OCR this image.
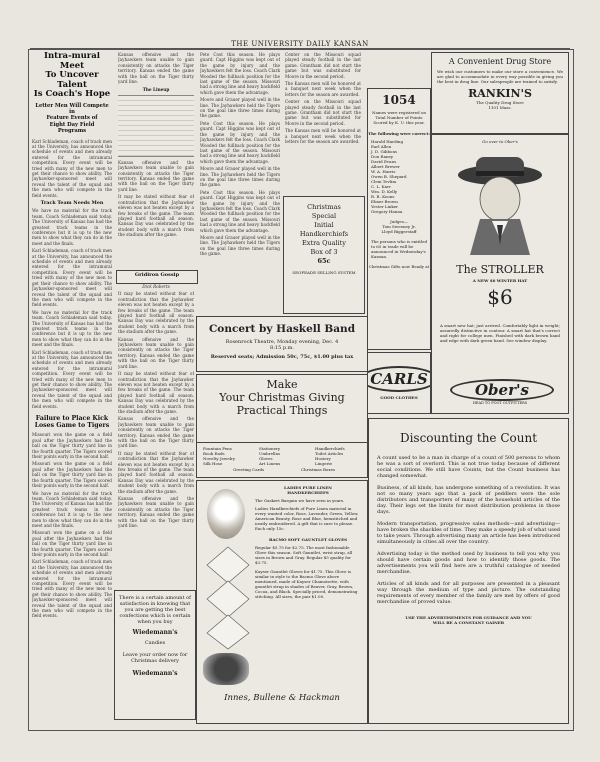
THE UNIVERSITY DAILY KANSAN
Intra-mural Meet
To Uncover Talent
Is Coach's Hope
Letter Men Will Compete in
Feature Events of
Eight Day Field
Programs
Karl Schlademan, coach of track men at the University, has announced the schedule of events and men already entered for the intramural competition. Every event will be tried with many of the new men to get their chance to show ability. The Jayhawker-sponsored meet will reveal the talent of the squad and the men who will compete in the field events.
Track Team Needs Men
We have no material for the track team. Coach Schlademan said today. The University of Kansas has had the greatest track teams in the conference but it is up to the new men to show what they can do in the meet and the finals.
Karl Schlademan, coach of track men at the University, has announced the schedule of events and men already entered for the intramural competition. Every event will be tried with many of the new men to get their chance to show ability. The Jayhawker-sponsored meet will reveal the talent of the squad and the men who will compete in the field events.
We have no material for the track team. Coach Schlademan said today. The University of Kansas has had the greatest track teams in the conference but it is up to the new men to show what they can do in the meet and the finals.
Karl Schlademan, coach of track men at the University, has announced the schedule of events and men already entered for the intramural competition. Every event will be tried with many of the new men to get their chance to show ability. The Jayhawker-sponsored meet will reveal the talent of the squad and the men who will compete in the field events.
Failure to Place Kick
Loses Game to Tigers
Missouri won the game on a field goal after the Jayhawkers had the ball on the Tiger thirty yard line in the fourth quarter. The Tigers scored their points early in the second half.
Missouri won the game on a field goal after the Jayhawkers had the ball on the Tiger thirty yard line in the fourth quarter. The Tigers scored their points early in the second half.
We have no material for the track team. Coach Schlademan said today. The University of Kansas has had the greatest track teams in the conference but it is up to the new men to show what they can do in the meet and the finals.
Missouri won the game on a field goal after the Jayhawkers had the ball on the Tiger thirty yard line in the fourth quarter. The Tigers scored their points early in the second half.
Karl Schlademan, coach of track men at the University, has announced the schedule of events and men already entered for the intramural competition. Every event will be tried with many of the new men to get their chance to show ability. The Jayhawker-sponsored meet will reveal the talent of the squad and the men who will compete in the field events.
Kansas offensive and the Jayhawkers team unable to gain consistently on attacks the Tiger territory. Kansas ended the game with the ball on the Tiger thirty yard line.
The Lineup
Kansas offensive and the Jayhawkers team unable to gain consistently on attacks the Tiger territory. Kansas ended the game with the ball on the Tiger thirty yard line.
It may be stated without fear of contradiction that the Jayhawker eleven was not beaten except by a few breaks of the game. The team played hard football all season. Kansas Day was celebrated by the student body with a march from the stadium after the game.
Gridiron Gossip
Dick Roberts
It may be stated without fear of contradiction that the Jayhawker eleven was not beaten except by a few breaks of the game. The team played hard football all season. Kansas Day was celebrated by the student body with a march from the stadium after the game.
Kansas offensive and the Jayhawkers team unable to gain consistently on attacks the Tiger territory. Kansas ended the game with the ball on the Tiger thirty yard line.
It may be stated without fear of contradiction that the Jayhawker eleven was not beaten except by a few breaks of the game. The team played hard football all season. Kansas Day was celebrated by the student body with a march from the stadium after the game.
Kansas offensive and the Jayhawkers team unable to gain consistently on attacks the Tiger territory. Kansas ended the game with the ball on the Tiger thirty yard line.
It may be stated without fear of contradiction that the Jayhawker eleven was not beaten except by a few breaks of the game. The team played hard football all season. Kansas Day was celebrated by the student body with a march from the stadium after the game.
Kansas offensive and the Jayhawkers team unable to gain consistently on attacks the Tiger territory. Kansas ended the game with the ball on the Tiger thirty yard line.
There is a certain amount of satisfaction in knowing that you are getting the best confections which is certain when you buy
Wiedemann's
Candies
Leave your order now for Christmas delivery
Wiedemann's
Pete Cost this season. He plays guard. Capt Higgins was kept out of the game by injury and the Jayhawkers felt the loss. Coach Clark Wooded the fullback position for the last game of the season. Missouri had a strong line and heavy backfield which gave them the advantage.
Moore and Grauer played well in the line. The Jayhawkers held the Tigers on the goal line three times during the game.
Pete Cost this season. He plays guard. Capt Higgins was kept out of the game by injury and the Jayhawkers felt the loss. Coach Clark Wooded the fullback position for the last game of the season. Missouri had a strong line and heavy backfield which gave them the advantage.
Moore and Grauer played well in the line. The Jayhawkers held the Tigers on the goal line three times during the game.
Pete Cost this season. He plays guard. Capt Higgins was kept out of the game by injury and the Jayhawkers felt the loss. Coach Clark Wooded the fullback position for the last game of the season. Missouri had a strong line and heavy backfield which gave them the advantage.
Moore and Grauer played well in the line. The Jayhawkers held the Tigers on the goal line three times during the game.
Center on the Missouri squad played steady football in the last game. Grantham did not start the game but was substituted for Moore in the second period.
The Kansas men will be honored at a banquet next week when the letters for the season are awarded.
Center on the Missouri squad played steady football in the last game. Grantham did not start the game but was substituted for Moore in the second period.
The Kansas men will be honored at a banquet next week when the letters for the season are awarded.
Christmas
Special
Initial
Handkerchiefs
Extra Quality
Box of 3
65c
SEOFEADE SELLING SYSTEM
Concert by Haskell Band
Rosenrock Theatre, Monday evening, Dec. 4
8:15 p.m.
Reserved seats; Admission 50c, 75c, $1.00 plus tax
Make
Your Christmas Giving
Practical Things
Fountain Pens
Book Ends
Novelty Jewelry
Silk Hose
Stationery
Umbrellas
Gloves
Art Linens
Handkerchiefs
Toilet Articles
Hosiery
Lingerie
Greeting Cards	Christmas Boxes
LADIES PURE LINEN
HANDKERCHIEFS
The Gaskert Bargain we have seen in years.
Ladies Handkerchiefs of Pure Linen material in every wanted color, Rose, Lavender, Green, Yellow, American Beauty, Rose and Blue, hemstitched and neatly embroidered. A gift that is sure to please. Each only 15c.
BACMO SOFT GAUNTLET GLOVES
Regular $5.75 for $2.75. The most fashionable Glove this season. Soft Gauntlet, wrist strap, all sizes in Brown and Gray. Regular $5 quality for $3.75.
Kayser Gauntlet Gloves for $1.75. This Glove is similar in style to the Bacmo Glove above mentioned, made of Kayser Chamoisette, with gauntlet strap in shades of Beaver, Gray, Brown, Cocoa, and Black. Specially priced, demonstrating stitching. All sizes, the pair $1.00.
Innes, Bullene & Hackman
1054
Names were registered on
Total Number of Points
Scored by K. U. this year.
The following were correct:
Harold Harding
Earl Allen
J. D. Gibbons
Don Raney
David Evans
Albert Brewer
W. A. Harris
Owen B. Shepard
Clem Tevlim
C. L. Karr
Wm. D. Kelly
R. R. Koons
Elmer Brown
Yester Linker
Gregory Hanna
Judges—
Tom Sweeney Jr.
Lloyd Biggerstaff
The persons who is entitled to 65 in trade will be announced in Wednesday's Kansan.
Christmas Gifts now Ready at
CARLS
GOOD CLOTHES
A Convenient Drug Store
We wish our customers to make our store a convenience. We are glad to accommodate in every way possible in giving you the best in drug line. Our salespeople are trained to satisfy.
RANKIN'S
The Quality Drug Store
1101 Mass.
Go over to Ober's
The STROLLER
A NEW $6 WINTER HAT
$6
A smart new hat; just arrived. Comfortably light in weight; assuredly distinctive in contour. A smart hat that's correct and right for college men. Finished with dark brown band and edge with dark green band. See window display.
Ober's
HEAD TO FOOT OUTFITTERS
Discounting the Count
A count used to be a man in charge of a count of 500 persons to whom he was a sort of overlord. This is not true today because of different social conditions. We still have Counts, but the Count business has changed somewhat.
Business, of all kinds, has undergone something of a revolution. It was not so many years ago that a pack of peddlers were the sole distributors and transporters of many of the household articles of the day. Their legs set the limits for most distribution problems in those days.
Modern transportation, progressive sales methods—and advertising—have broken the shackles of time. They make a speedy job of what used to take years. Through advertising many an article has been introduced simultaneously in cities all over the country.
Advertising today is the method used by business to tell you why you should have certain goods and how to identify those goods. The advertisements you will find here are a truthful catalogue of needed merchandise.
Articles of all kinds and for all purposes are presented in a pleasant way through the medium of type and picture. The outstanding requirements of every member of the family are met by offers of good merchandise of proved value.
USE THE ADVERTISEMENTS FOR GUIDANCE AND YOU
WILL BE A CONSTANT GAINER
